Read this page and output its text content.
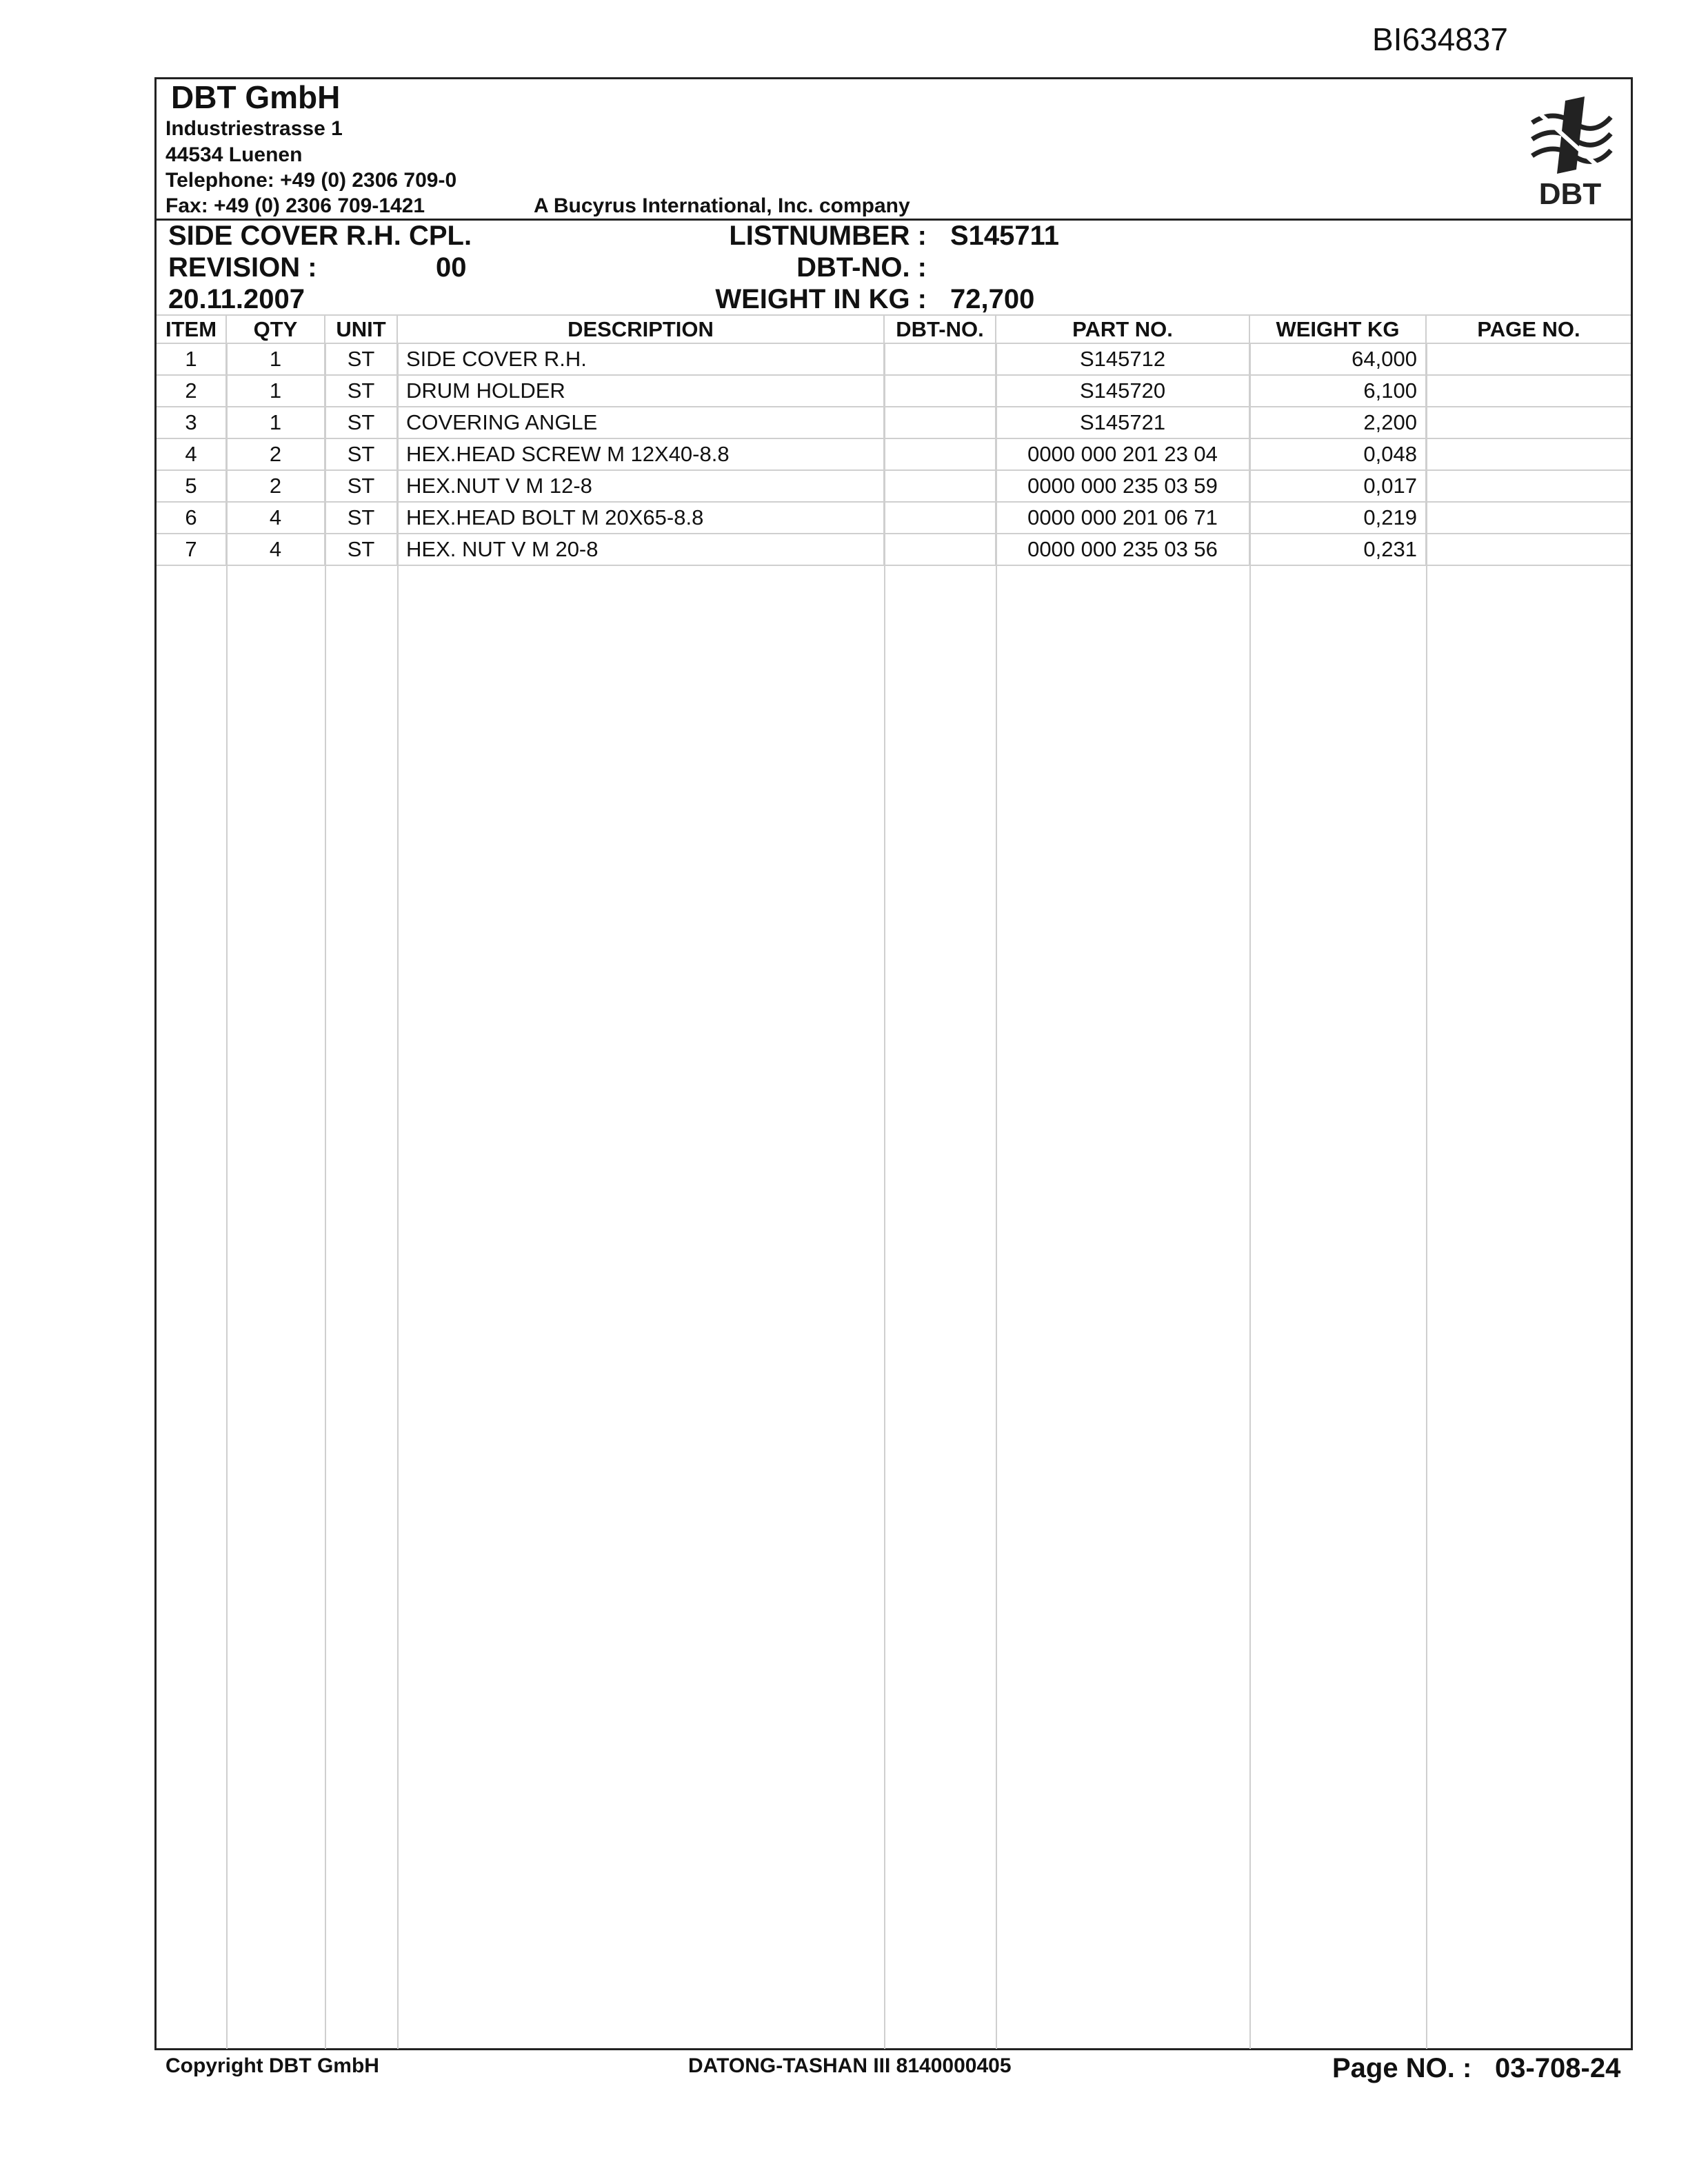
BI634837
DBT GmbH
Industriestrasse 1
44534 Luenen
Telephone: +49 (0) 2306 709-0
Fax: +49 (0) 2306 709-1421	A Bucyrus International, Inc. company	DBT
SIDE COVER R.H. CPL.
REVISION :	00
20.11.2007
LISTNUMBER : S145711
DBT-NO. :
WEIGHT IN KG : 72,700
ITEM	QTY	UNIT	DESCRIPTION	DBT-NO.	PART NO.	WEIGHT KG	PAGE NO.
1	1	ST	SIDE COVER R.H.		S145712	64,000	
2	1	ST	DRUM HOLDER		S145720	6,100	
3	1	ST	COVERING ANGLE		S145721	2,200	
4	2	ST	HEX.HEAD SCREW M 12X40-8.8		0000 000 201 23 04	0,048	
5	2	ST	HEX.NUT V M 12-8		0000 000 235 03 59	0,017	
6	4	ST	HEX.HEAD BOLT M 20X65-8.8		0000 000 201 06 71	0,219	
7	4	ST	HEX. NUT V M 20-8		0000 000 235 03 56	0,231	
Copyright DBT GmbH	DATONG-TASHAN III 8140000405	Page NO. : 03-708-24
